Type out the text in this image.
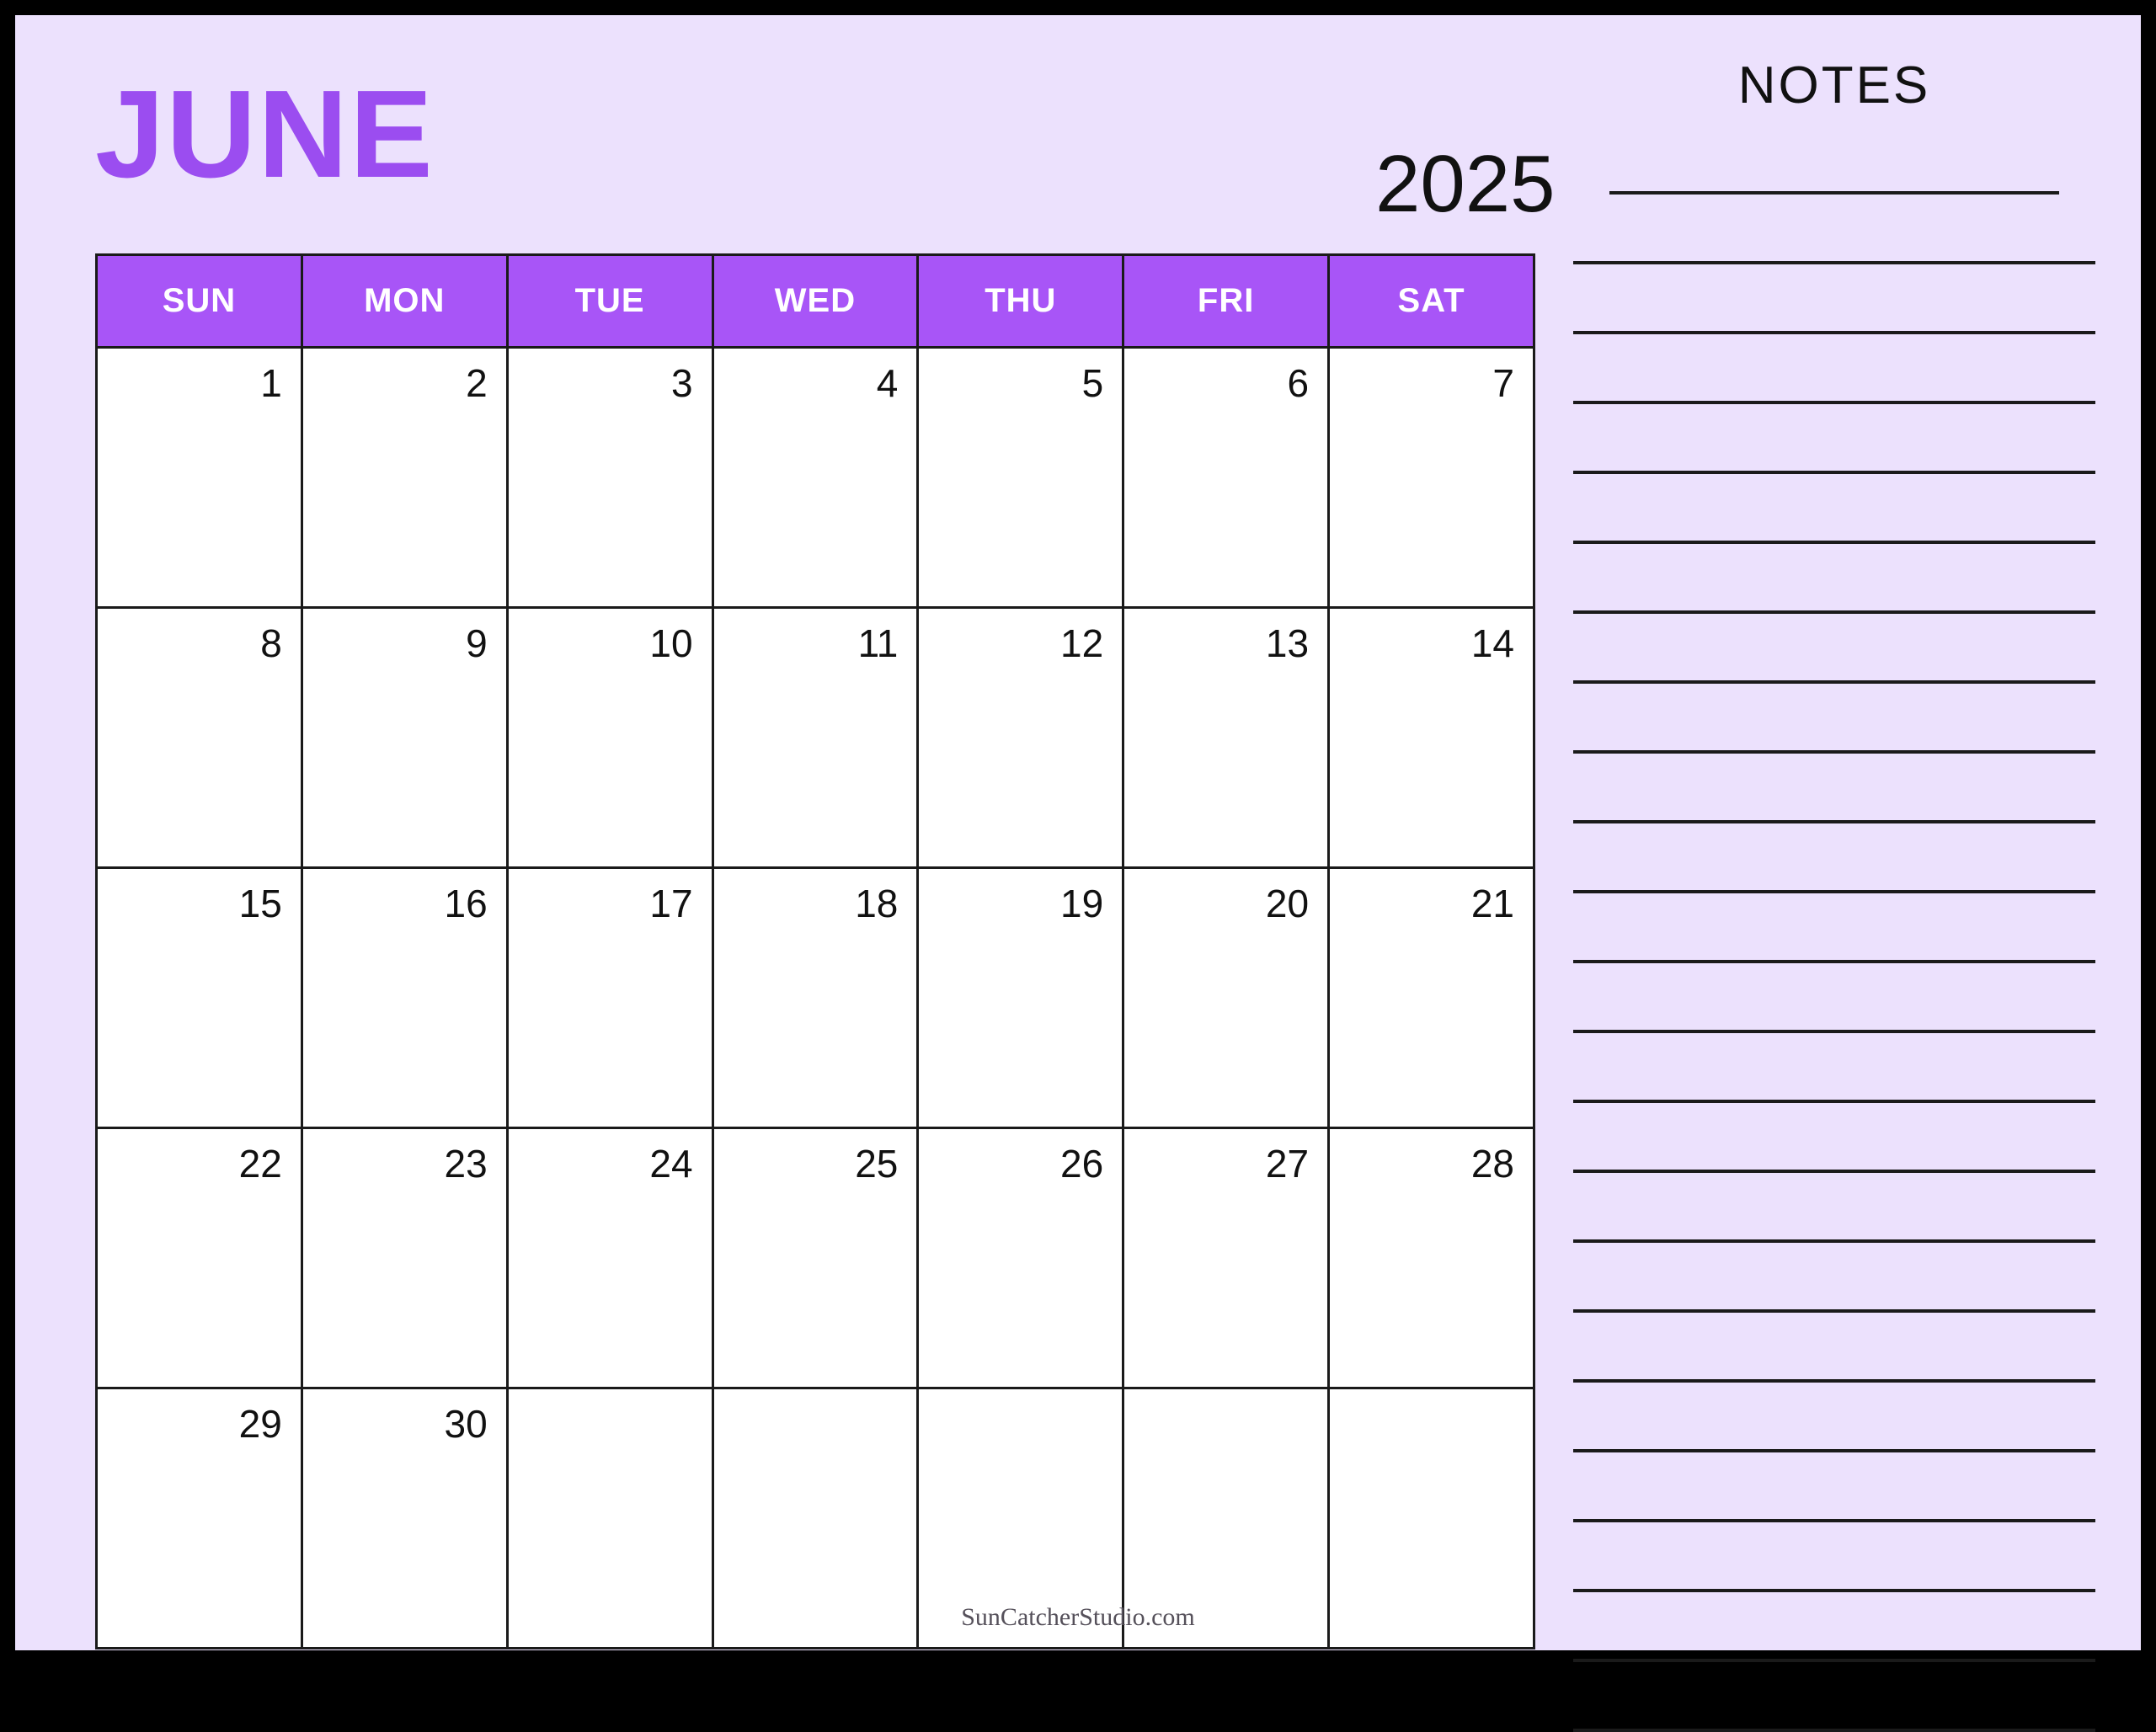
JUNE	2025
SUN	MON	TUE	WED	THU	FRI	SAT
1	2	3	4	5	6	7
8	9	10	11	12	13	14
15	16	17	18	19	20	21
22	23	24	25	26	27	28
29	30					
NOTES
SunCatcherStudio.com
